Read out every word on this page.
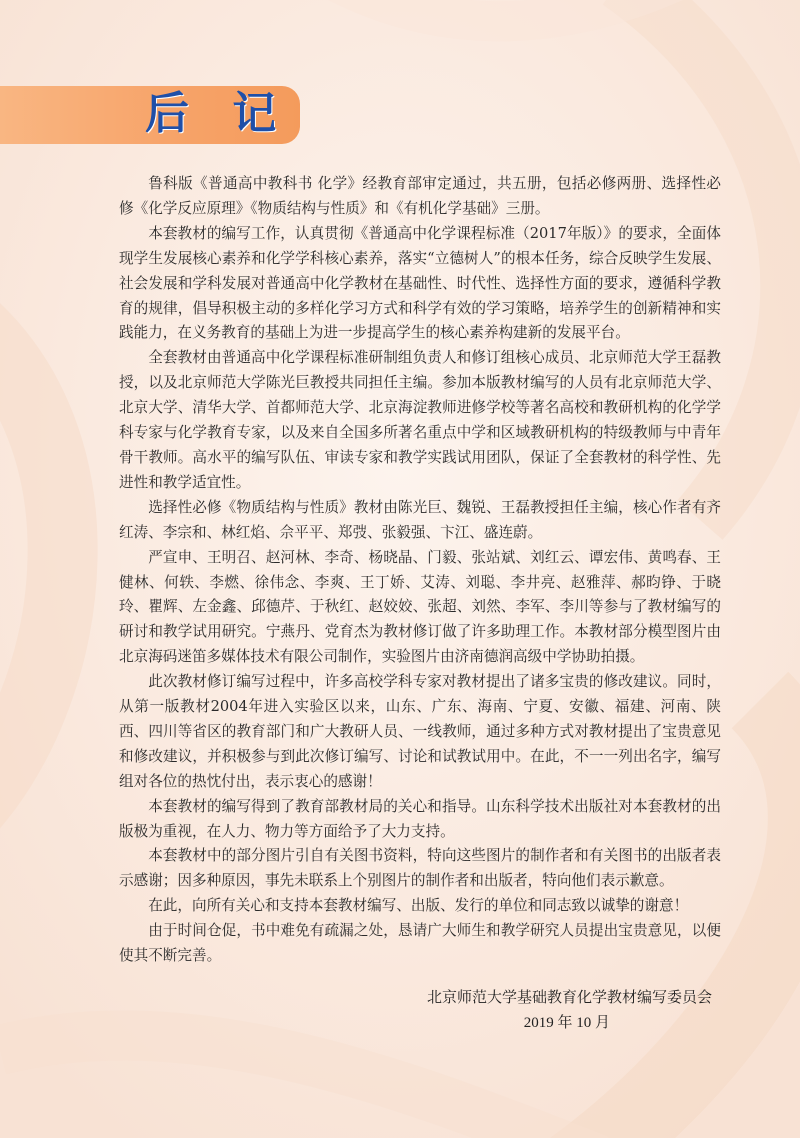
后 记

鲁科版《普通高中教科书 化学》经教育部审定通过，共五册，包括必修两册、选择性必修《化学反应原理》《物质结构与性质》和《有机化学基础》三册。

本套教材的编写工作，认真贯彻《普通高中化学课程标准（2017年版）》的要求，全面体现学生发展核心素养和化学学科核心素养，落实“立德树人”的根本任务，综合反映学生发展、社会发展和学科发展对普通高中化学教材在基础性、时代性、选择性方面的要求，遵循科学教育的规律，倡导积极主动的多样化学习方式和科学有效的学习策略，培养学生的创新精神和实践能力，在义务教育的基础上为进一步提高学生的核心素养构建新的发展平台。

全套教材由普通高中化学课程标准研制组负责人和修订组核心成员、北京师范大学王磊教授，以及北京师范大学陈光巨教授共同担任主编。参加本版教材编写的人员有北京师范大学、北京大学、清华大学、首都师范大学、北京海淀教师进修学校等著名高校和教研机构的化学学科专家与化学教育专家，以及来自全国多所著名重点中学和区域教研机构的特级教师与中青年骨干教师。高水平的编写队伍、审读专家和教学实践试用团队，保证了全套教材的科学性、先进性和教学适宜性。

选择性必修《物质结构与性质》教材由陈光巨、魏锐、王磊教授担任主编，核心作者有齐红涛、李宗和、林红焰、佘平平、郑弢、张毅强、卞江、盛连蔚。

严宣申、王明召、赵河林、李奇、杨晓晶、门毅、张站斌、刘红云、谭宏伟、黄鸣春、王健林、何轶、李燃、徐伟念、李爽、王丁娇、艾涛、刘聪、李井亮、赵雅萍、郝昀铮、于晓玲、瞿辉、左金鑫、邱德芹、于秋红、赵姣姣、张超、刘然、李军、李川等参与了教材编写的研讨和教学试用研究。宁燕丹、党育杰为教材修订做了许多助理工作。本教材部分模型图片由北京海码迷笛多媒体技术有限公司制作，实验图片由济南德润高级中学协助拍摄。

此次教材修订编写过程中，许多高校学科专家对教材提出了诸多宝贵的修改建议。同时，从第一版教材2004年进入实验区以来，山东、广东、海南、宁夏、安徽、福建、河南、陕西、四川等省区的教育部门和广大教研人员、一线教师，通过多种方式对教材提出了宝贵意见和修改建议，并积极参与到此次修订编写、讨论和试教试用中。在此，不一一列出名字，编写组对各位的热忱付出，表示衷心的感谢！

本套教材的编写得到了教育部教材局的关心和指导。山东科学技术出版社对本套教材的出版极为重视，在人力、物力等方面给予了大力支持。

本套教材中的部分图片引自有关图书资料，特向这些图片的制作者和有关图书的出版者表示感谢；因多种原因，事先未联系上个别图片的制作者和出版者，特向他们表示歉意。

在此，向所有关心和支持本套教材编写、出版、发行的单位和同志致以诚挚的谢意！

由于时间仓促，书中难免有疏漏之处，恳请广大师生和教学研究人员提出宝贵意见，以便使其不断完善。

北京师范大学基础教育化学教材编写委员会
2019 年 10 月
